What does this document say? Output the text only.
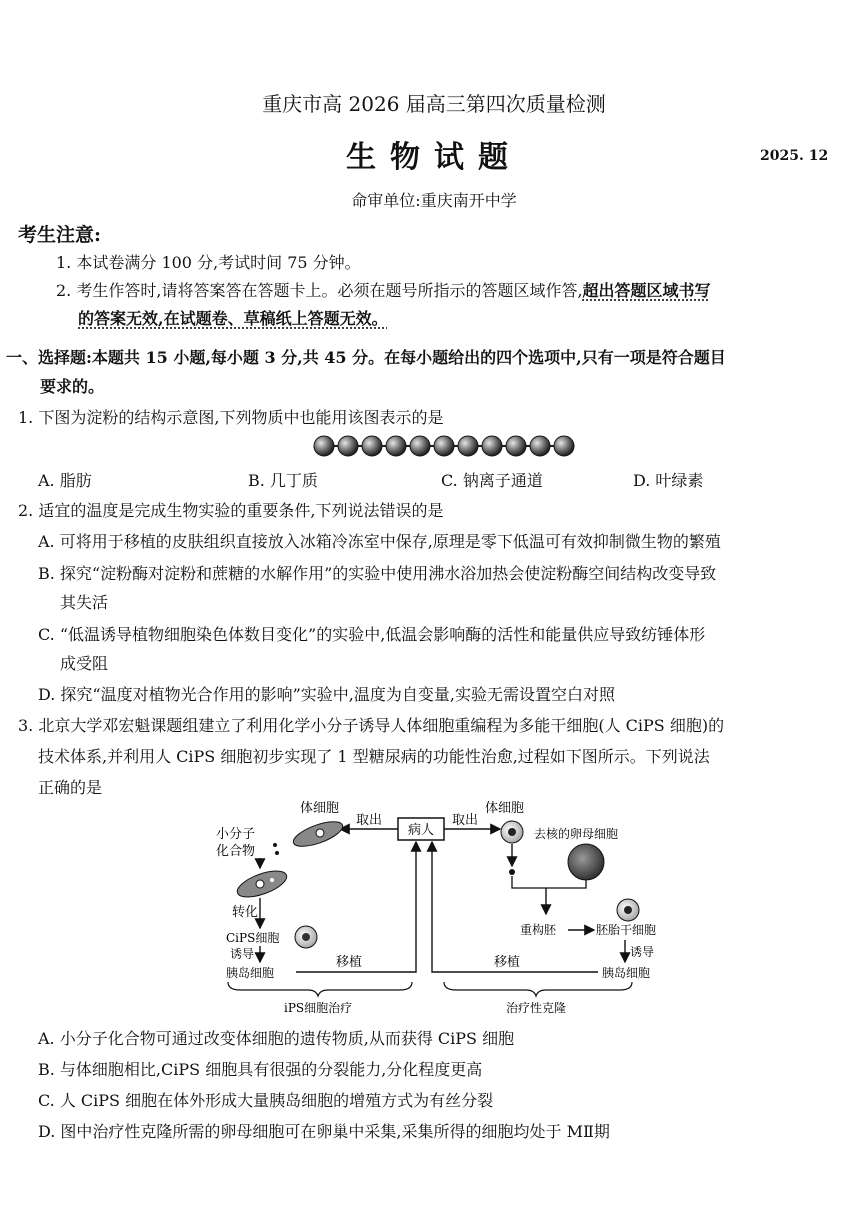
重庆市高 2026 届高三第四次质量检测
生物试题	2025. 12
命审单位:重庆南开中学
考生注意:
1. 本试卷满分 100 分,考试时间 75 分钟。
2. 考生作答时,请将答案答在答题卡上。必须在题号所指示的答题区域作答,超出答题区域书写
的答案无效,在试题卷、草稿纸上答题无效。
一、选择题:本题共 15 小题,每小题 3 分,共 45 分。在每小题给出的四个选项中,只有一项是符合题目
要求的。
1. 下图为淀粉的结构示意图,下列物质中也能用该图表示的是
A. 脂肪	B. 几丁质	C. 钠离子通道	D. 叶绿素
2. 适宜的温度是完成生物实验的重要条件,下列说法错误的是
A. 可将用于移植的皮肤组织直接放入冰箱冷冻室中保存,原理是零下低温可有效抑制微生物的繁殖
B. 探究“淀粉酶对淀粉和蔗糖的水解作用”的实验中使用沸水浴加热会使淀粉酶空间结构改变导致
其失活
C. “低温诱导植物细胞染色体数目变化”的实验中,低温会影响酶的活性和能量供应导致纺锤体形
成受阻
D. 探究“温度对植物光合作用的影响”实验中,温度为自变量,实验无需设置空白对照
3. 北京大学邓宏魁课题组建立了利用化学小分子诱导人体细胞重编程为多能干细胞(人 CiPS 细胞)的
技术体系,并利用人 CiPS 细胞初步实现了 1 型糖尿病的功能性治愈,过程如下图所示。下列说法
正确的是
病人
取出
体细胞
小分子
化合物
转化
CiPS细胞
诱导
胰岛细胞
移植
iPS细胞治疗
取出
体细胞
去核的卵母细胞
重构胚	胚胎干细胞
诱导
胰岛细胞
移植
治疗性克隆
A. 小分子化合物可通过改变体细胞的遗传物质,从而获得 CiPS 细胞
B. 与体细胞相比,CiPS 细胞具有很强的分裂能力,分化程度更高
C. 人 CiPS 细胞在体外形成大量胰岛细胞的增殖方式为有丝分裂
D. 图中治疗性克隆所需的卵母细胞可在卵巢中采集,采集所得的细胞均处于 MⅡ期
